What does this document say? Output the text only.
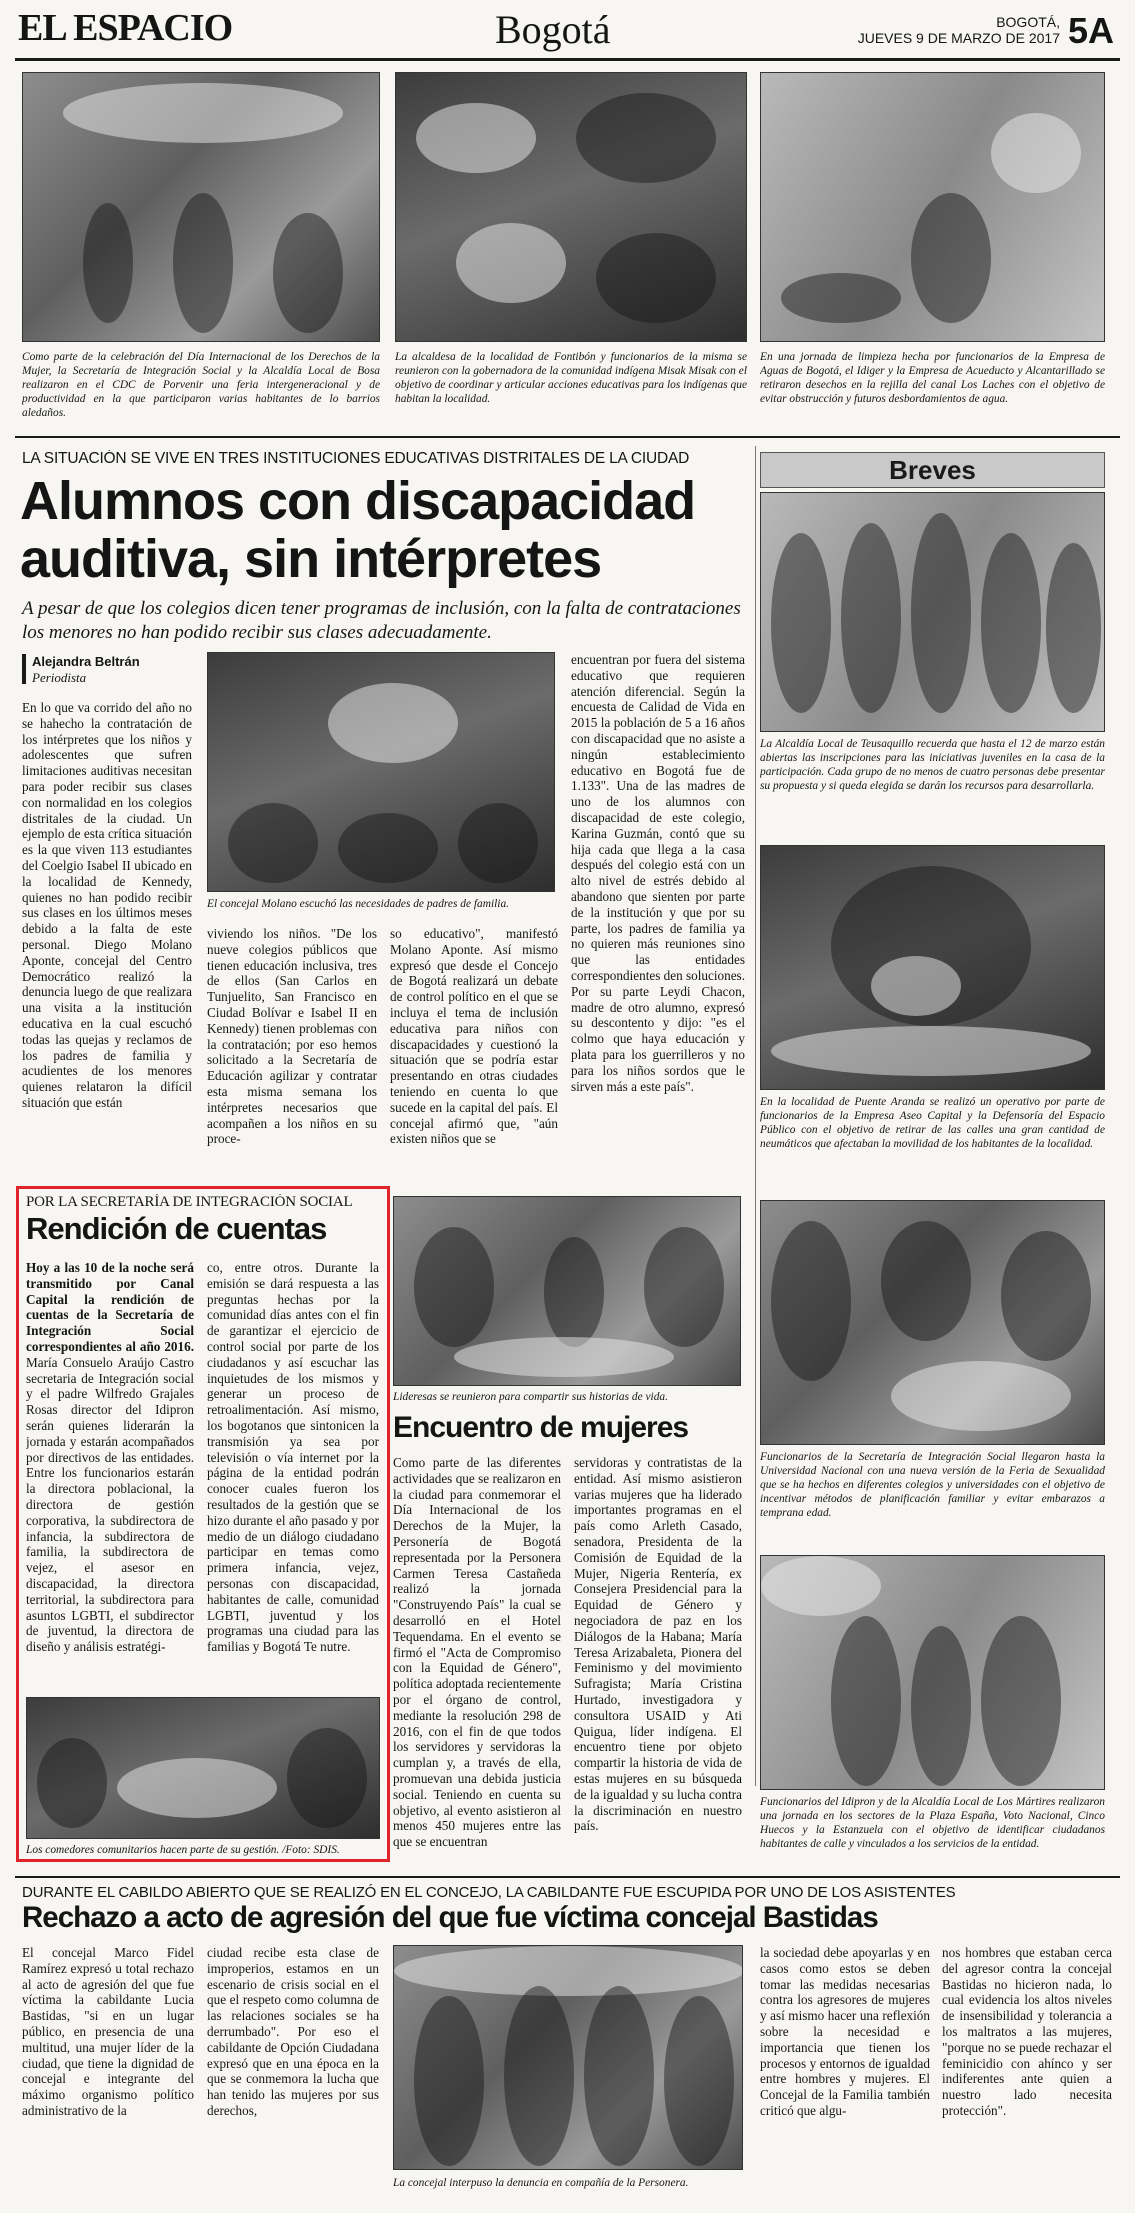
EL ESPACIO	Bogotá	BOGOTÁ,
JUEVES 9 DE MARZO DE 2017 5A
Como parte de la celebración del Día Internacional de los Derechos de la Mujer, la Secretaría de Integración Social y la Alcaldía Local de Bosa realizaron en el CDC de Porvenir una feria intergeneracional y de productividad en la que participaron varias habitantes de lo barrios aledaños.
La alcaldesa de la localidad de Fontibón y funcionarios de la misma se reunieron con la gobernadora de la comunidad indígena Misak Misak con el objetivo de coordinar y articular acciones educativas para los indígenas que habitan la localidad.
En una jornada de limpieza hecha por funcionarios de la Empresa de Aguas de Bogotá, el Idiger y la Empresa de Acueducto y Alcantarillado se retiraron desechos en la rejilla del canal Los Laches con el objetivo de evitar obstrucción y futuros desbordamientos de agua.
LA SITUACIÓN SE VIVE EN TRES INSTITUCIONES EDUCATIVAS DISTRITALES DE LA CIUDAD
Alumnos con discapacidad
auditiva, sin intérpretes
A pesar de que los colegios dicen tener programas de inclusión, con la falta de contrataciones los menores no han podido recibir sus clases adecuadamente.
Alejandra Beltrán
Periodista
En lo que va corrido del año no se hahecho la contratación de los intérpretes que los niños y adolescentes que sufren limitaciones auditivas necesitan para poder recibir sus clases con normalidad en los colegios distritales de la ciudad. Un ejemplo de esta crítica situación es la que viven 113 estudiantes del Coelgio Isabel II ubicado en la localidad de Kennedy, quienes no han podido recibir sus clases en los últimos meses debido a la falta de este personal. Diego Molano Aponte, concejal del Centro Democrático realizó la denuncia luego de que realizara una visita a la institución educativa en la cual escuchó todas las quejas y reclamos de los padres de familia y acudientes de los menores quienes relataron la difícil situación que están
El concejal Molano escuchó las necesidades de padres de familia.
viviendo los niños. "De los nueve colegios públicos que tienen educación inclusiva, tres de ellos (San Carlos en Tunjuelito, San Francisco en Ciudad Bolívar e Isabel II en Kennedy) tienen problemas con la contratación; por eso hemos solicitado a la Secretaría de Educación agilizar y contratar esta misma semana los intérpretes necesarios que acompañen a los niños en su proce-
so educativo", manifestó Molano Aponte. Así mismo expresó que desde el Concejo de Bogotá realizará un debate de control político en el que se incluya el tema de inclusión educativa para niños con discapacidades y cuestionó la situación que se podría estar presentando en otras ciudades teniendo en cuenta lo que sucede en la capital del país. El concejal afirmó que, "aún existen niños que se
encuentran por fuera del sistema educativo que requieren atención diferencial. Según la encuesta de Calidad de Vida en 2015 la población de 5 a 16 años con discapacidad que no asiste a ningún establecimiento educativo en Bogotá fue de 1.133". Una de las madres de uno de los alumnos con discapacidad de este colegio, Karina Guzmán, contó que su hija cada que llega a la casa después del colegio está con un alto nivel de estrés debido al abandono que sienten por parte de la institución y que por su parte, los padres de familia ya no quieren más reuniones sino que las entidades correspondientes den soluciones. Por su parte Leydi Chacon, madre de otro alumno, expresó su descontento y dijo: "es el colmo que haya educación y plata para los guerrilleros y no para los niños sordos que le sirven más a este país".
Breves
La Alcaldía Local de Teusaquillo recuerda que hasta el 12 de marzo están abiertas las inscripciones para las iniciativas juveniles en la casa de la participación. Cada grupo de no menos de cuatro personas debe presentar su propuesta y si queda elegida se darán los recursos para desarrollarla.
En la localidad de Puente Aranda se realizó un operativo por parte de funcionarios de la Empresa Aseo Capital y la Defensoría del Espacio Público con el objetivo de retirar de las calles una gran cantidad de neumáticos que afectaban la movilidad de los habitantes de la localidad.
Funcionarios de la Secretaría de Integración Social llegaron hasta la Universidad Nacional con una nueva versión de la Feria de Sexualidad que se ha hechos en diferentes colegios y universidades con el objetivo de incentivar métodos de planificación familiar y evitar embarazos a temprana edad.
Funcionarios del Idipron y de la Alcaldía Local de Los Mártires realizaron una jornada en los sectores de la Plaza España, Voto Nacional, Cinco Huecos y la Estanzuela con el objetivo de identificar ciudadanos habitantes de calle y vinculados a los servicios de la entidad.
POR LA SECRETARÍA DE INTEGRACIÓN SOCIAL
Rendición de cuentas
Hoy a las 10 de la noche será transmitido por Canal Capital la rendición de cuentas de la Secretaría de Integración Social correspondientes al año 2016. María Consuelo Araújo Castro secretaria de Integración social y el padre Wilfredo Grajales Rosas director del Idipron serán quienes liderarán la jornada y estarán acompañados por directivos de las entidades. Entre los funcionarios estarán la directora poblacional, la directora de gestión corporativa, la subdirectora de infancia, la subdirectora de familia, la subdirectora de vejez, el asesor en discapacidad, la directora territorial, la subdirectora para asuntos LGBTI, el subdirector de juventud, la directora de diseño y análisis estratégi-
co, entre otros. Durante la emisión se dará respuesta a las preguntas hechas por la comunidad días antes con el fin de garantizar el ejercicio de control social por parte de los ciudadanos y así escuchar las inquietudes de los mismos y generar un proceso de retroalimentación. Así mismo, los bogotanos que sintonicen la transmisión ya sea por televisión o vía internet por la página de la entidad podrán conocer cuales fueron los resultados de la gestión que se hizo durante el año pasado y por medio de un diálogo ciudadano participar en temas como primera infancia, vejez, personas con discapacidad, habitantes de calle, comunidad LGBTI, juventud y los programas una ciudad para las familias y Bogotá Te nutre.
Los comedores comunitarios hacen parte de su gestión. /Foto: SDIS.
Lideresas se reunieron para compartir sus historias de vida.
Encuentro de mujeres
Como parte de las diferentes actividades que se realizaron en la ciudad para conmemorar el Día Internacional de los Derechos de la Mujer, la Personería de Bogotá representada por la Personera Carmen Teresa Castañeda realizó la jornada "Construyendo País" la cual se desarrolló en el Hotel Tequendama. En el evento se firmó el "Acta de Compromiso con la Equidad de Género", política adoptada recientemente por el órgano de control, mediante la resolución 298 de 2016, con el fin de que todos los servidores y servidoras la cumplan y, a través de ella, promuevan una debida justicia social. Teniendo en cuenta su objetivo, al evento asistieron al menos 450 mujeres entre las que se encuentran
servidoras y contratistas de la entidad. Así mismo asistieron varias mujeres que ha liderado importantes programas en el país como Arleth Casado, senadora, Presidenta de la Comisión de Equidad de la Mujer, Nigeria Rentería, ex Consejera Presidencial para la Equidad de Género y negociadora de paz en los Diálogos de la Habana; María Teresa Arizabaleta, Pionera del Feminismo y del movimiento Sufragista; María Cristina Hurtado, investigadora y consultora USAID y Ati Quigua, líder indígena. El encuentro tiene por objeto compartir la historia de vida de estas mujeres en su búsqueda de la igualdad y su lucha contra la discriminación en nuestro país.
DURANTE EL CABILDO ABIERTO QUE SE REALIZÓ EN EL CONCEJO, LA CABILDANTE FUE ESCUPIDA POR UNO DE LOS ASISTENTES
Rechazo a acto de agresión del que fue víctima concejal Bastidas
El concejal Marco Fidel Ramírez expresó u total rechazo al acto de agresión del que fue víctima la cabildante Lucia Bastidas, "si en un lugar público, en presencia de una multitud, una mujer líder de la ciudad, que tiene la dignidad de concejal e integrante del máximo organismo político administrativo de la
ciudad recibe esta clase de improperios, estamos en un escenario de crisis social en el que el respeto como columna de las relaciones sociales se ha derrumbado". Por eso el cabildante de Opción Ciudadana expresó que en una época en la que se conmemora la lucha que han tenido las mujeres por sus derechos,
La concejal interpuso la denuncia en compañía de la Personera.
la sociedad debe apoyarlas y en casos como estos se deben tomar las medidas necesarias contra los agresores de mujeres y así mismo hacer una reflexión sobre la necesidad e importancia que tienen los procesos y entornos de igualdad entre hombres y mujeres. El Concejal de la Familia también criticó que algu-
nos hombres que estaban cerca del agresor contra la concejal Bastidas no hicieron nada, lo cual evidencia los altos niveles de insensibilidad y tolerancia a los maltratos a las mujeres, "porque no se puede rechazar el feminicidio con ahínco y ser indiferentes ante quien a nuestro lado necesita protección".
